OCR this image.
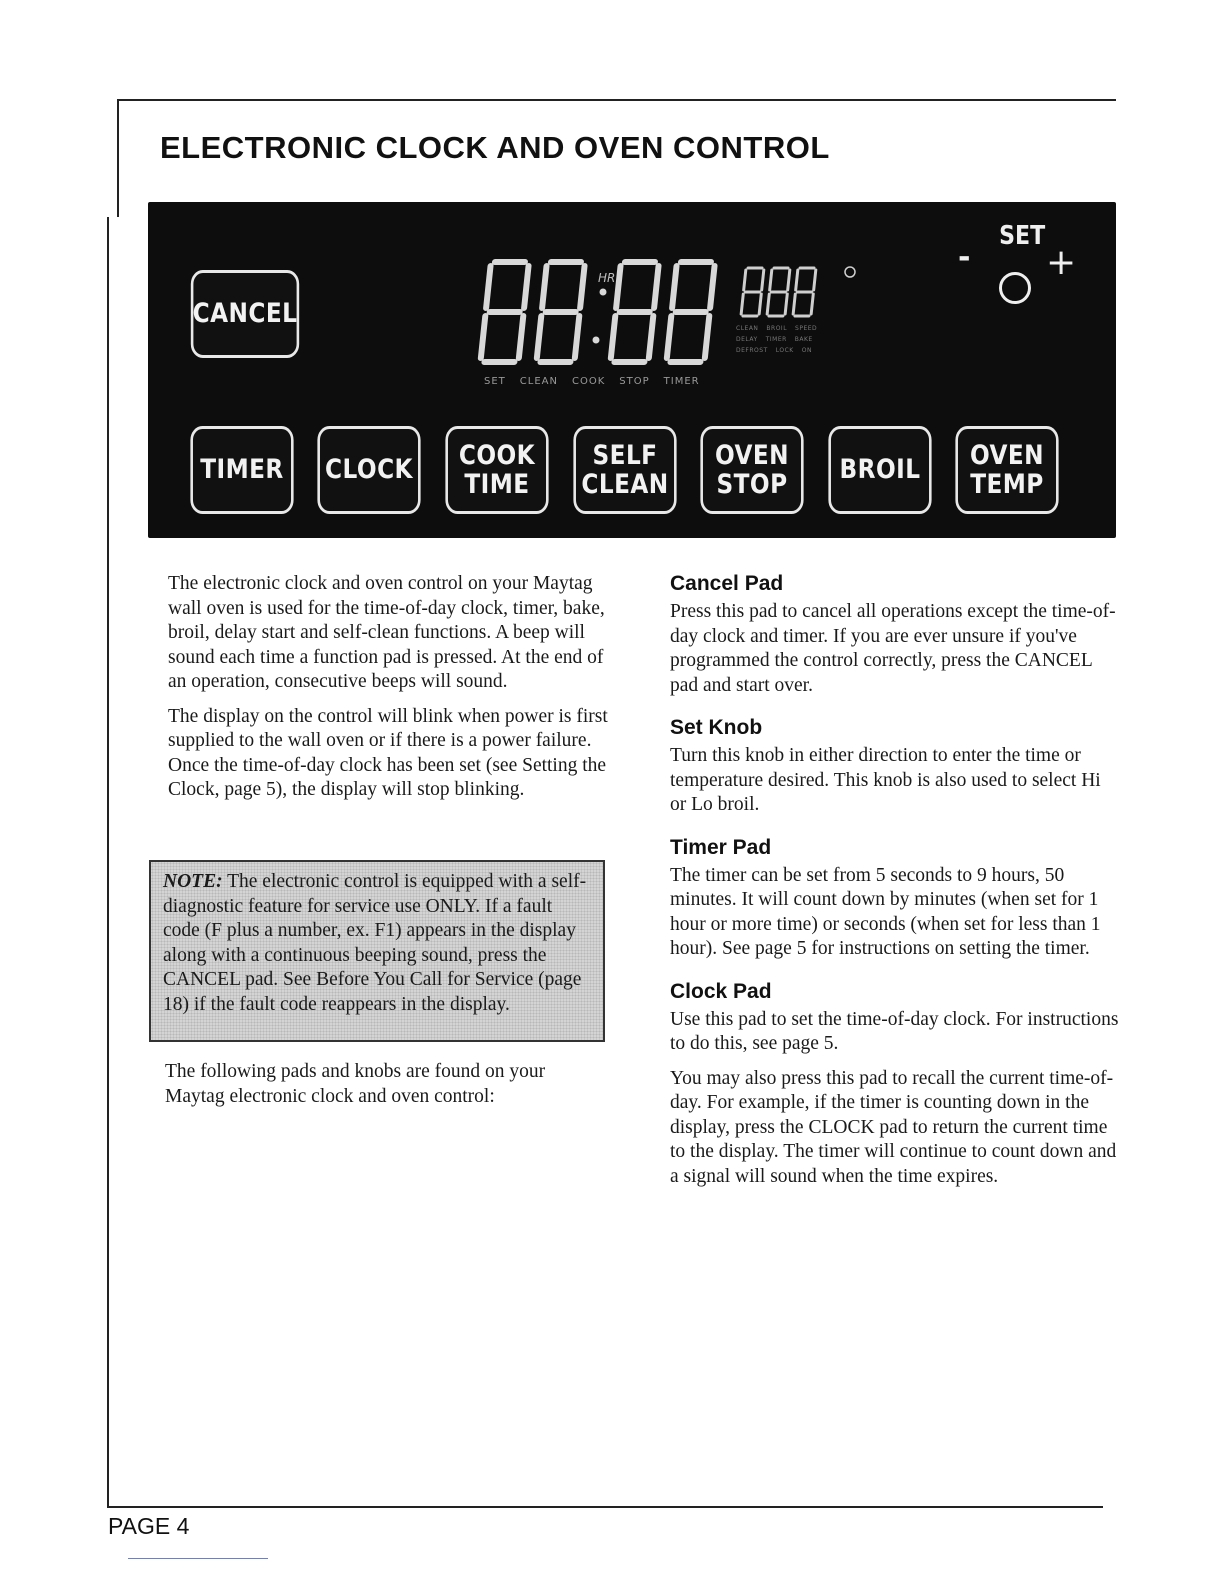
ELECTRONIC CLOCK AND OVEN CONTROL
CANCEL
TIMER CLOCK COOK
TIME
SELF
CLEAN
OVEN
STOP BROIL OVEN
TEMP
HR
CLEAN BROIL SPEED
DELAY TIMER BAKE
DEFROST LOCK ON
SET CLEAN COOK STOP TIMER
SET
- +

The electronic clock and oven control on your Maytag wall oven is used for the time-of-day clock, timer, bake, broil, delay start and self-clean functions. A beep will sound each time a function pad is pressed. At the end of an operation, consecutive beeps will sound.

The display on the control will blink when power is first supplied to the wall oven or if there is a power failure. Once the time-of-day clock has been set (see Setting the Clock, page 5), the display will stop blinking.

NOTE: The electronic control is equipped with a self-diagnostic feature for service use ONLY. If a fault code (F plus a number, ex. F1) appears in the display along with a continuous beeping sound, press the CANCEL pad. See Before You Call for Service (page 18) if the fault code reappears in the display.

The following pads and knobs are found on your Maytag electronic clock and oven control:

Cancel Pad

Press this pad to cancel all operations except the time-of-day clock and timer. If you are ever unsure if you've programmed the control correctly, press the CANCEL pad and start over.

Set Knob

Turn this knob in either direction to enter the time or temperature desired. This knob is also used to select Hi or Lo broil.

Timer Pad

The timer can be set from 5 seconds to 9 hours, 50 minutes. It will count down by minutes (when set for 1 hour or more time) or seconds (when set for less than 1 hour). See page 5 for instructions on setting the timer.

Clock Pad

Use this pad to set the time-of-day clock. For instructions to do this, see page 5.

You may also press this pad to recall the current time-of-day. For example, if the timer is counting down in the display, press the CLOCK pad to return the current time to the display. The timer will continue to count down and a signal will sound when the time expires.

PAGE 4
